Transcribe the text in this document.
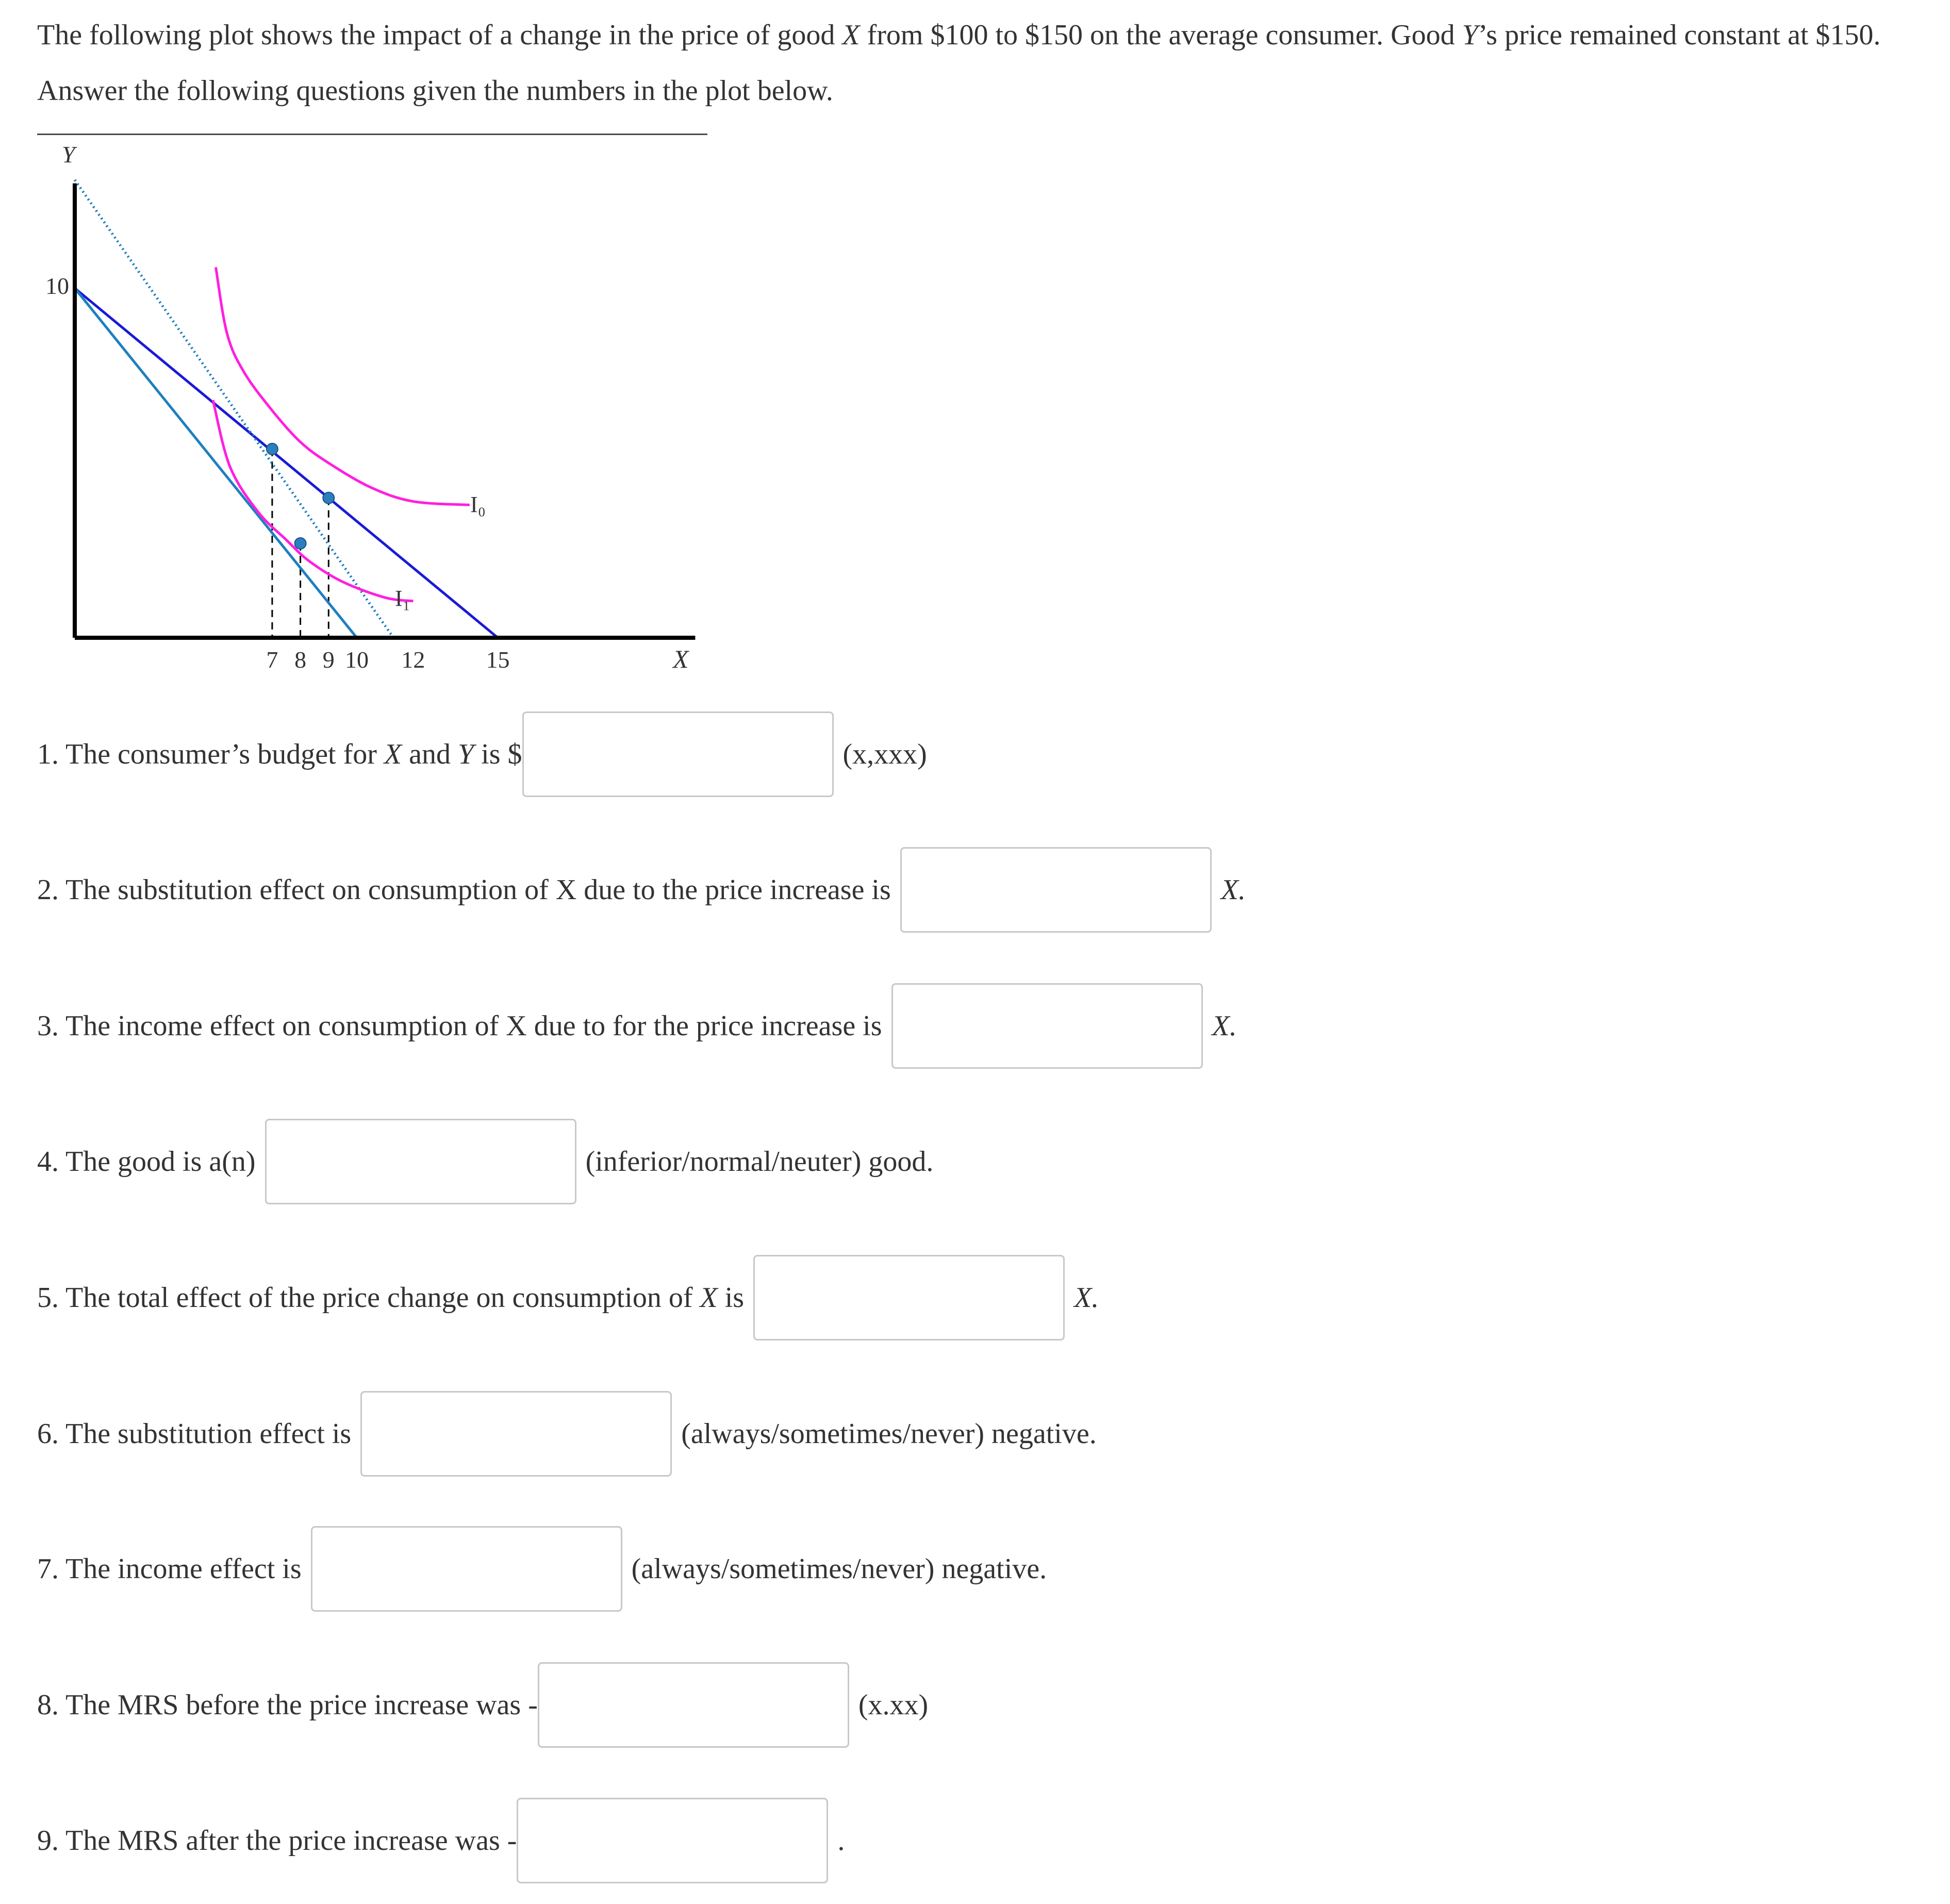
The following plot shows the impact of a change in the price of good X from $100 to $150 on the average consumer. Good Y’s price remained constant at $150. Answer the following questions given the numbers in the plot below.

Y
X
10
7 8 9 10 12	15
I₀
I₁
1. The consumer’s budget for X and Y is $	(x,xxx)
2. The substitution effect on consumption of X due to the price increase is	X.
3. The income effect on consumption of X due to for the price increase is	X.
4. The good is a(n)	(inferior/normal/neuter) good.
5. The total effect of the price change on consumption of X is	X.
6. The substitution effect is	(always/sometimes/never) negative.
7. The income effect is	(always/sometimes/never) negative.
8. The MRS before the price increase was -	(x.xx)
9. The MRS after the price increase was -	.
